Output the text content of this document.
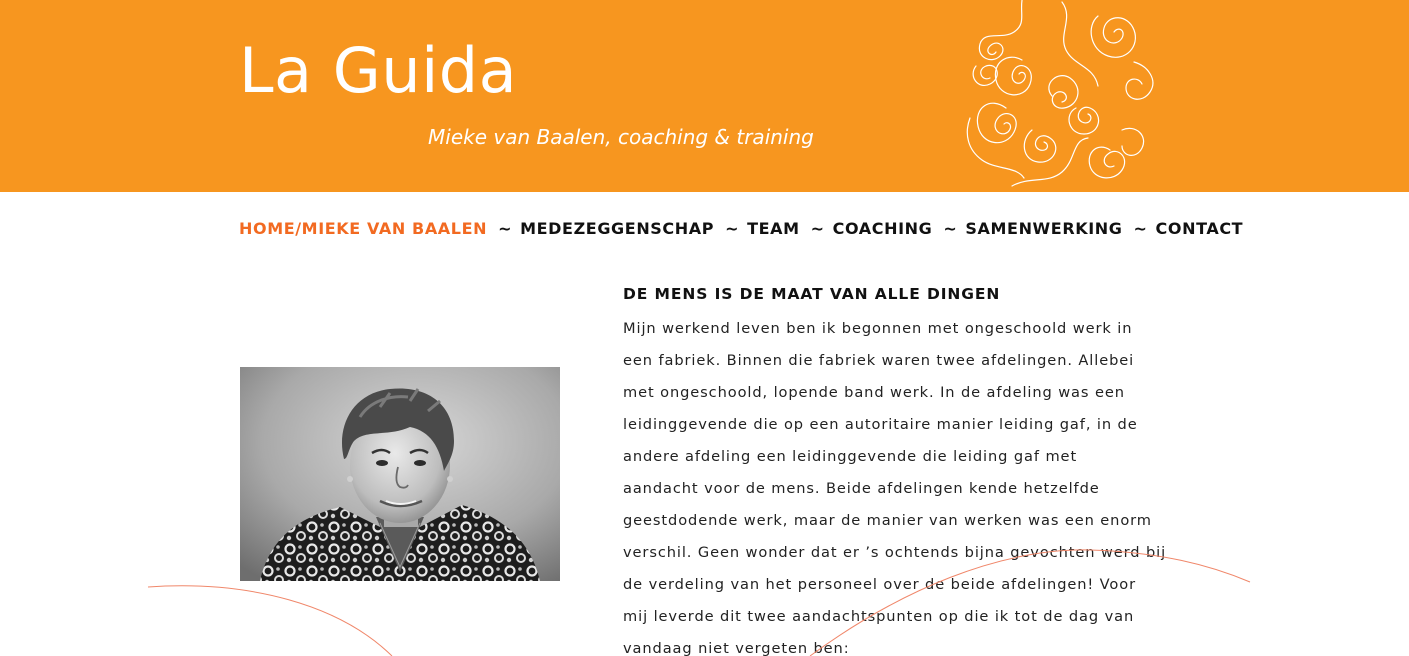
La Guida
Mieke van Baalen, coaching & training
HOME/MIEKE VAN BAALEN ~ MEDEZEGGENSCHAP ~ TEAM ~ COACHING ~ SAMENWERKING ~ CONTACT
DE MENS IS DE MAAT VAN ALLE DINGEN
Mijn werkend leven ben ik begonnen met ongeschoold werk in
een fabriek. Binnen die fabriek waren twee afdelingen. Allebei
met ongeschoold, lopende band werk. In de afdeling was een
leidinggevende die op een autoritaire manier leiding gaf, in de
andere afdeling een leidinggevende die leiding gaf met
aandacht voor de mens. Beide afdelingen kende hetzelfde
geestdodende werk, maar de manier van werken was een enorm
verschil. Geen wonder dat er ’s ochtends bijna gevochten werd bij
de verdeling van het personeel over de beide afdelingen! Voor
mij leverde dit twee aandachtspunten op die ik tot de dag van
vandaag niet vergeten ben:
